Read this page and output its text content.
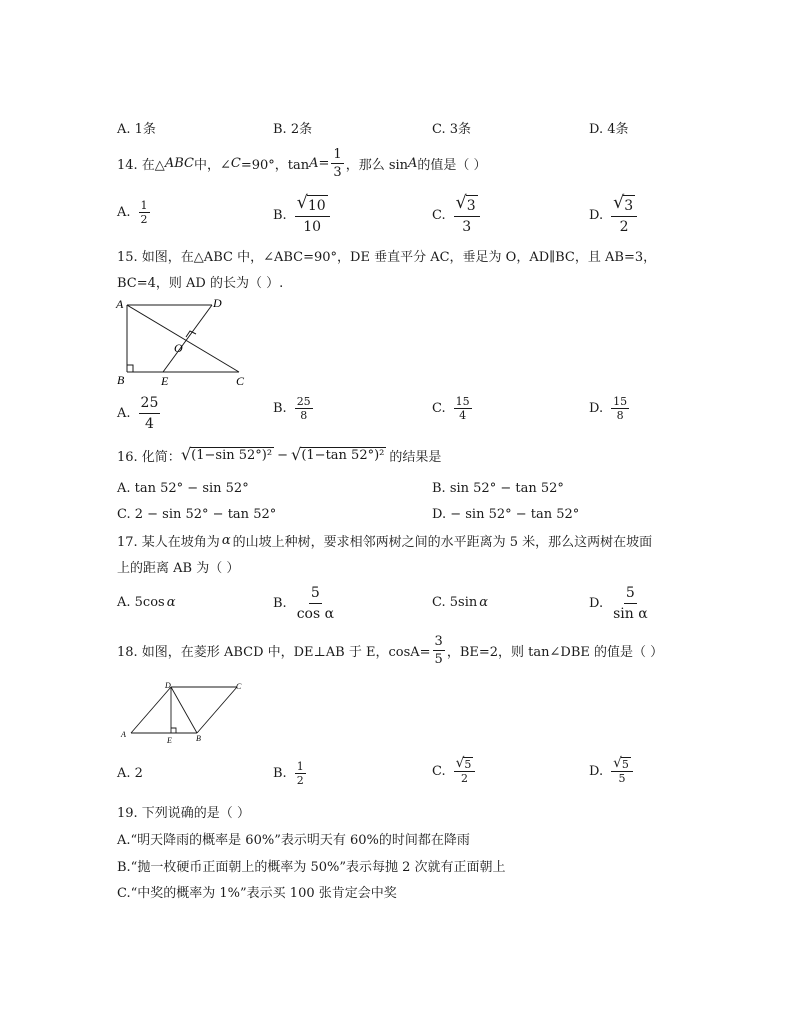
A. 1条	B. 2条	C. 3条	D. 4条
14. 在△ ABC 中，∠ C =90°，$\tan A = \frac{1}{3}$ ，那么 sin A 的值是（ ）
A. $\frac{1}{2}$	B. $\frac{√ 10}{10}$	C. $\frac{√ 3}{3}$	D. $\frac{√ 3}{2}$
15. 如图，在△ABC 中，∠ABC=90°，DE 垂直平分 AC，垂足为 O，AD∥BC，且 AB=3，
BC=4，则 AD 的长为（ ）.
A	D
O
B	E	C
A. $\frac{25}{4}$	B. $\frac{25}{8}$	C. $\frac{15}{4}$	D. $\frac{15}{8}$
16. 化简： √ (1−sin 52°)² − √ (1−tan 52°)² 的结果是
A. tan 52° − sin 52°	B. sin 52° − tan 52°
C. 2 − sin 52° − tan 52°	D. − sin 52° − tan 52°
17. 某人在坡角为 α 的山坡上种树，要求相邻两树之间的水平距离为 5 米，那么这两树在坡面
上的距离 AB 为（ ）
A. 5cos α	B. $\frac{5}{\text{cos α}}$	C. 5sin α	D. $\frac{5}{\text{sin α}}$
18. 如图，在菱形 ABCD 中，DE⊥AB 于 E，$\cos A= \frac{3}{5}$ ，BE=2，则 tan∠DBE 的值是（ ）
A	B
C
D
E
A. 2	B. $\frac{1}{2}$	C. $\frac{√ 5}{2}$	D. $\frac{√ 5}{5}$
19. 下列说确的是（ ）
A.“明天降雨的概率是 60%”表示明天有 60%的时间都在降雨
B.“抛一枚硬币正面朝上的概率为 50%”表示每抛 2 次就有正面朝上
C.“中奖的概率为 1%”表示买 100 张肯定会中奖
